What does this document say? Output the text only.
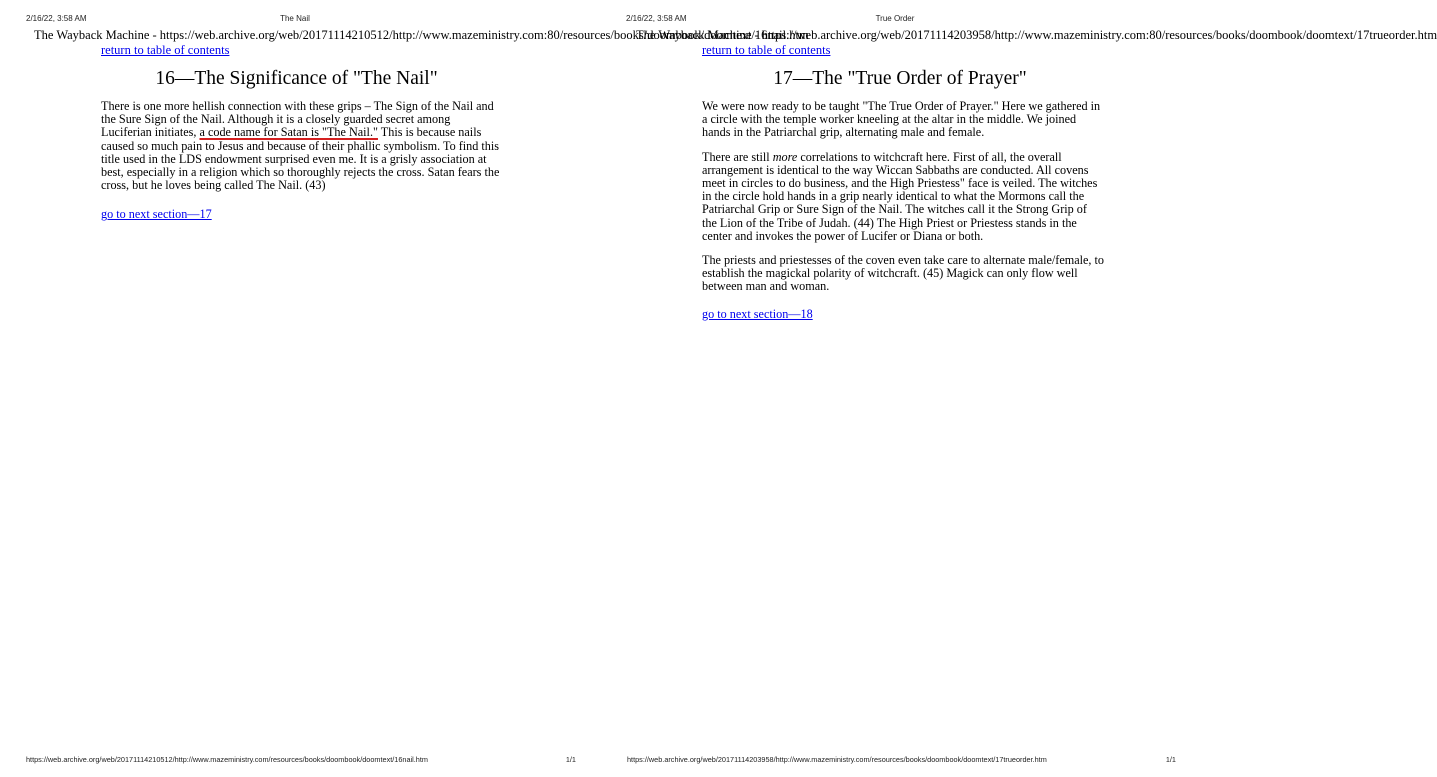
2/16/22, 3:58 AM	The Nail
The Wayback Machine - https://web.archive.org/web/20171114210512/http://www.mazeministry.com:80/resources/books/doombook/doomtext/16nail.htm
return to table of contents
16—The Significance of "The Nail"

There is one more hellish connection with these grips – The Sign of the Nail and the Sure Sign of the Nail. Although it is a closely guarded secret among Luciferian initiates, a code name for Satan is "The Nail." This is because nails caused so much pain to Jesus and because of their phallic symbolism. To find this title used in the LDS endowment surprised even me. It is a grisly association at best, especially in a religion which so thoroughly rejects the cross. Satan fears the cross, but he loves being called The Nail. (43)

go to next section—17

https://web.archive.org/web/20171114210512/http://www.mazeministry.com/resources/books/doombook/doomtext/16nail.htm	1/1
2/16/22, 3:58 AM	True Order
The Wayback Machine - https://web.archive.org/web/20171114203958/http://www.mazeministry.com:80/resources/books/doombook/doomtext/17trueorder.htm
return to table of contents
17—The "True Order of Prayer"

We were now ready to be taught "The True Order of Prayer." Here we gathered in a circle with the temple worker kneeling at the altar in the middle. We joined hands in the Patriarchal grip, alternating male and female.

There are still more correlations to witchcraft here. First of all, the overall arrangement is identical to the way Wiccan Sabbaths are conducted. All covens meet in circles to do business, and the High Priestess" face is veiled. The witches in the circle hold hands in a grip nearly identical to what the Mormons call the Patriarchal Grip or Sure Sign of the Nail. The witches call it the Strong Grip of the Lion of the Tribe of Judah. (44) The High Priest or Priestess stands in the center and invokes the power of Lucifer or Diana or both.

The priests and priestesses of the coven even take care to alternate male/female, to establish the magickal polarity of witchcraft. (45) Magick can only flow well between man and woman.

go to next section—18

https://web.archive.org/web/20171114203958/http://www.mazeministry.com/resources/books/doombook/doomtext/17trueorder.htm	1/1
